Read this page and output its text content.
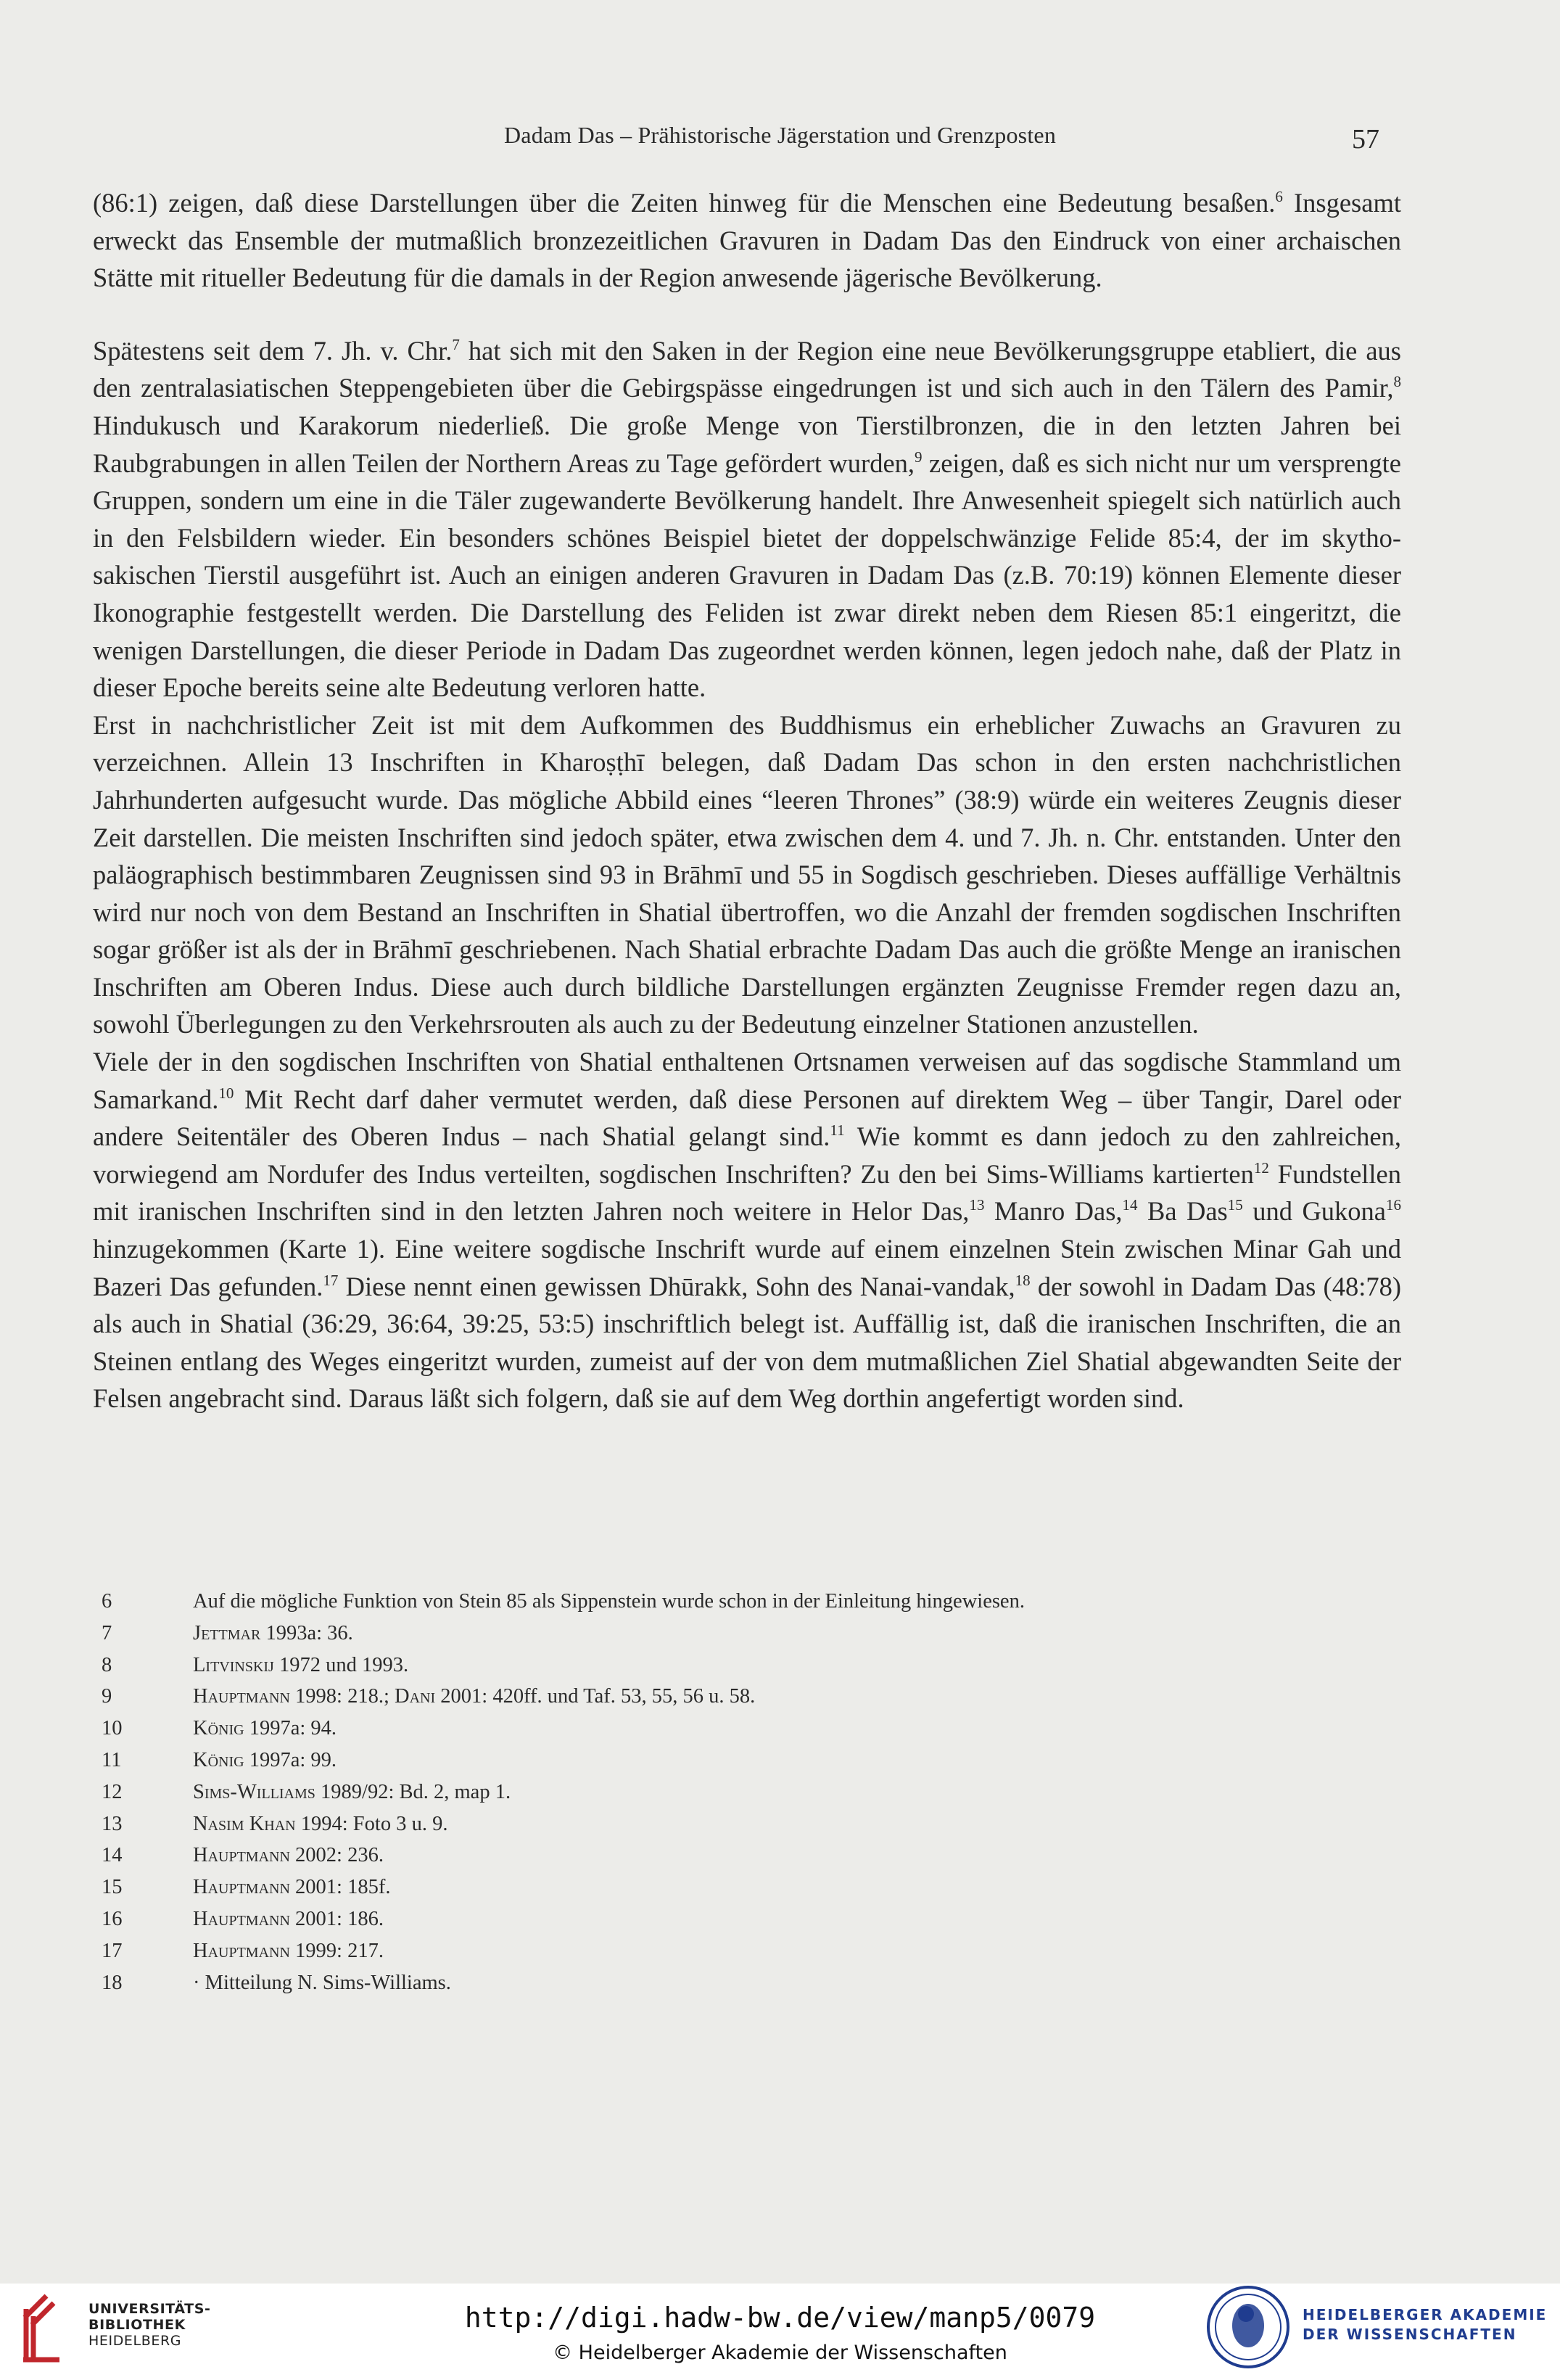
Dadam Das – Prähistorische Jägerstation und Grenzposten	57

(86:1) zeigen, daß diese Darstellungen über die Zeiten hinweg für die Menschen eine Bedeutung besaßen.$^6$ Insgesamt erweckt das Ensemble der mutmaßlich bronzezeitlichen Gravuren in Dadam Das den Eindruck von einer archaischen Stätte mit ritueller Bedeutung für die damals in der Region anwesende jägerische Bevölkerung.

Spätestens seit dem 7. Jh. v. Chr.$^7$ hat sich mit den Saken in der Region eine neue Bevölkerungsgruppe etabliert, die aus den zentralasiatischen Steppengebieten über die Gebirgspässe eingedrungen ist und sich auch in den Tälern des Pamir,$^8$ Hindukusch und Karakorum niederließ. Die große Menge von Tierstilbronzen, die in den letzten Jahren bei Raubgrabungen in allen Teilen der Northern Areas zu Tage gefördert wurden,$^9$ zeigen, daß es sich nicht nur um versprengte Gruppen, sondern um eine in die Täler zugewanderte Bevölkerung handelt. Ihre Anwesenheit spiegelt sich natürlich auch in den Felsbildern wieder. Ein besonders schönes Beispiel bietet der doppelschwänzige Felide 85:4, der im skytho-sakischen Tierstil ausgeführt ist. Auch an einigen anderen Gravuren in Dadam Das (z.B. 70:19) können Elemente dieser Ikonographie festgestellt werden. Die Darstellung des Feliden ist zwar direkt neben dem Riesen 85:1 eingeritzt, die wenigen Darstellungen, die dieser Periode in Dadam Das zugeordnet werden können, legen jedoch nahe, daß der Platz in dieser Epoche bereits seine alte Bedeutung verloren hatte.

Erst in nachchristlicher Zeit ist mit dem Aufkommen des Buddhismus ein erheblicher Zuwachs an Gravuren zu verzeichnen. Allein 13 Inschriften in Kharoṣṭhī belegen, daß Dadam Das schon in den ersten nachchristlichen Jahrhunderten aufgesucht wurde. Das mögliche Abbild eines “leeren Thrones” (38:9) würde ein weiteres Zeugnis dieser Zeit darstellen. Die meisten Inschriften sind jedoch später, etwa zwischen dem 4. und 7. Jh. n. Chr. entstanden. Unter den paläographisch bestimmbaren Zeugnissen sind 93 in Brāhmī und 55 in Sogdisch geschrieben. Dieses auffällige Verhältnis wird nur noch von dem Bestand an Inschriften in Shatial übertroffen, wo die Anzahl der fremden sogdischen Inschriften sogar größer ist als der in Brāhmī geschriebenen. Nach Shatial erbrachte Dadam Das auch die größte Menge an iranischen Inschriften am Oberen Indus. Diese auch durch bildliche Darstellungen ergänzten Zeugnisse Fremder regen dazu an, sowohl Überlegungen zu den Verkehrsrouten als auch zu der Bedeutung einzelner Stationen anzustellen.

Viele der in den sogdischen Inschriften von Shatial enthaltenen Ortsnamen verweisen auf das sogdische Stammland um Samarkand.$^{10}$ Mit Recht darf daher vermutet werden, daß diese Personen auf direktem Weg – über Tangir, Darel oder andere Seitentäler des Oberen Indus – nach Shatial gelangt sind.$^{11}$ Wie kommt es dann jedoch zu den zahlreichen, vorwiegend am Nordufer des Indus verteilten, sogdischen Inschriften? Zu den bei Sims-Williams kartierten$^{12}$ Fundstellen mit iranischen Inschriften sind in den letzten Jahren noch weitere in Helor Das,$^{13}$ Manro Das,$^{14}$ Ba Das$^{15}$ und Gukona$^{16}$ hinzugekommen (Karte 1). Eine weitere sogdische Inschrift wurde auf einem einzelnen Stein zwischen Minar Gah und Bazeri Das gefunden.$^{17}$ Diese nennt einen gewissen Dhūrakk, Sohn des Nanai-vandak,$^{18}$ der sowohl in Dadam Das (48:78) als auch in Shatial (36:29, 36:64, 39:25, 53:5) inschriftlich belegt ist. Auffällig ist, daß die iranischen Inschriften, die an Steinen entlang des Weges eingeritzt wurden, zumeist auf der von dem mutmaßlichen Ziel Shatial abgewandten Seite der Felsen angebracht sind. Daraus läßt sich folgern, daß sie auf dem Weg dorthin angefertigt worden sind.

6	Auf die mögliche Funktion von Stein 85 als Sippenstein wurde schon in der Einleitung hingewiesen.
7	Jettmar 1993a: 36.
8	Litvinskij 1972 und 1993.
9	Hauptmann 1998: 218.; Dani 2001: 420ff. und Taf. 53, 55, 56 u. 58.
10	König 1997a: 94.
11	König 1997a: 99.
12	Sims-Williams 1989/92: Bd. 2, map 1.
13	Nasim Khan 1994: Foto 3 u. 9.
14	Hauptmann 2002: 236.
15	Hauptmann 2001: 185f.
16	Hauptmann 2001: 186.
17	Hauptmann 1999: 217.
18	· Mitteilung N. Sims-Williams.
UNIVERSITÄTS-
BIBLIOTHEK
HEIDELBERG
http://digi.hadw-bw.de/view/manp5/0079
© Heidelberger Akademie der Wissenschaften
HEIDELBERGER AKADEMIE
DER WISSENSCHAFTEN
